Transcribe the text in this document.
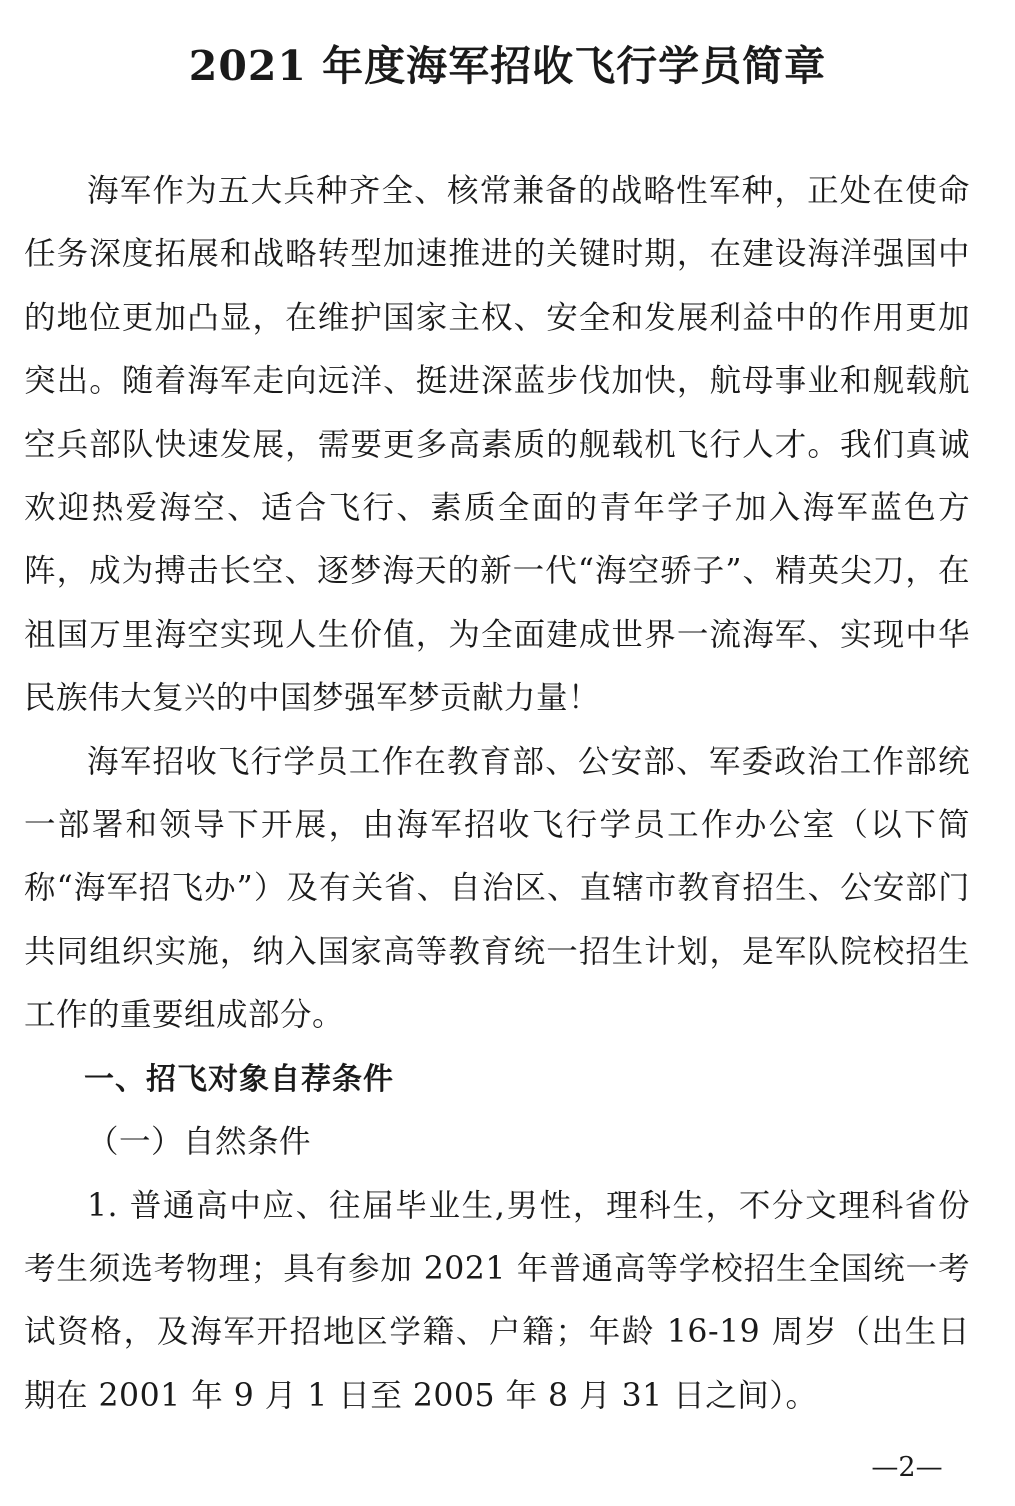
2021 年度海军招收飞行学员简章

海军作为五大兵种齐全、核常兼备的战略性军种，正处在使命任务深度拓展和战略转型加速推进的关键时期，在建设海洋强国中的地位更加凸显，在维护国家主权、安全和发展利益中的作用更加突出。随着海军走向远洋、挺进深蓝步伐加快，航母事业和舰载航空兵部队快速发展，需要更多高素质的舰载机飞行人才。我们真诚欢迎热爱海空、适合飞行、素质全面的青年学子加入海军蓝色方阵，成为搏击长空、逐梦海天的新一代“海空骄子”、精英尖刀，在祖国万里海空实现人生价值，为全面建成世界一流海军、实现中华民族伟大复兴的中国梦强军梦贡献力量！

海军招收飞行学员工作在教育部、公安部、军委政治工作部统一部署和领导下开展，由海军招收飞行学员工作办公室（以下简称“海军招飞办”）及有关省、自治区、直辖市教育招生、公安部门共同组织实施，纳入国家高等教育统一招生计划，是军队院校招生工作的重要组成部分。

一、招飞对象自荐条件

（一）自然条件

1. 普通高中应、往届毕业生,男性，理科生，不分文理科省份考生须选考物理；具有参加 2021 年普通高等学校招生全国统一考试资格，及海军开招地区学籍、户籍；年龄 16-19 周岁（出生日期在 2001 年 9 月 1 日至 2005 年 8 月 31 日之间）。

—2—
